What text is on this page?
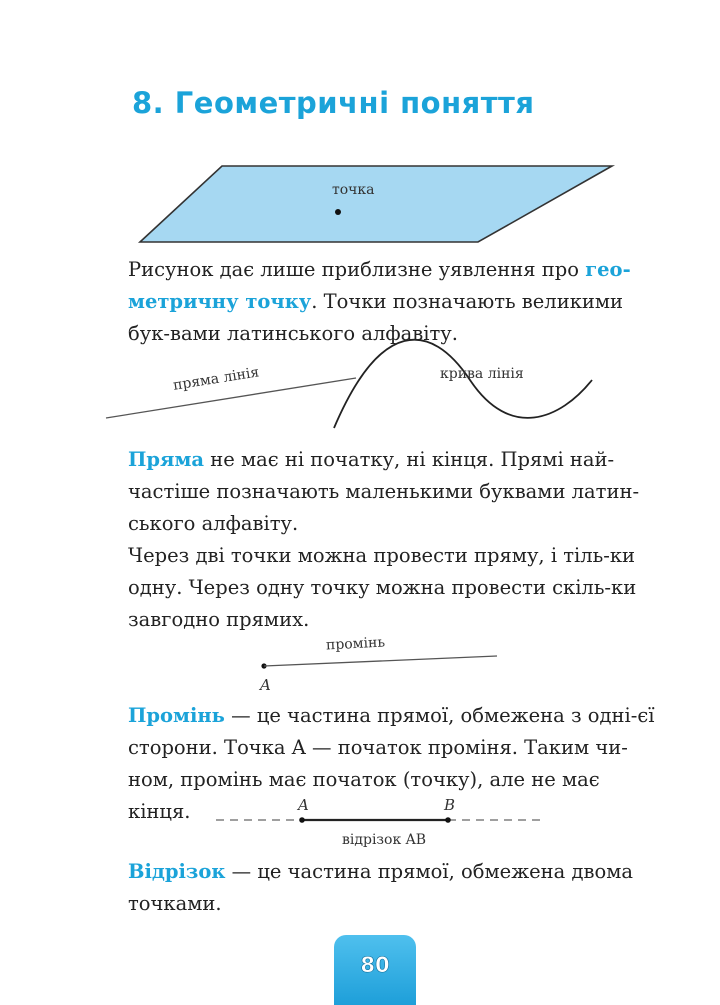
8. Геометричні поняття
точка
Рисунок дає лише приблизне уявлення про гео-метричну точку. Точки позначають великими бук-вами латинського алфавіту.
пряма лінія	крива лінія
Пряма не має ні початку, ні кінця. Прямі най-частіше позначають маленькими буквами латин-ського алфавіту.
Через дві точки можна провести пряму, і тіль-ки одну. Через одну точку можна провести скіль-ки завгодно прямих.
промінь
A
Промінь — це частина прямої, обмежена з одні-єї сторони. Точка A — початок проміня. Таким чи-ном, промінь має початок (точку), але не має кінця.	A	B
відрізок AB
Відрізок — це частина прямої, обмежена двома точками.
80
